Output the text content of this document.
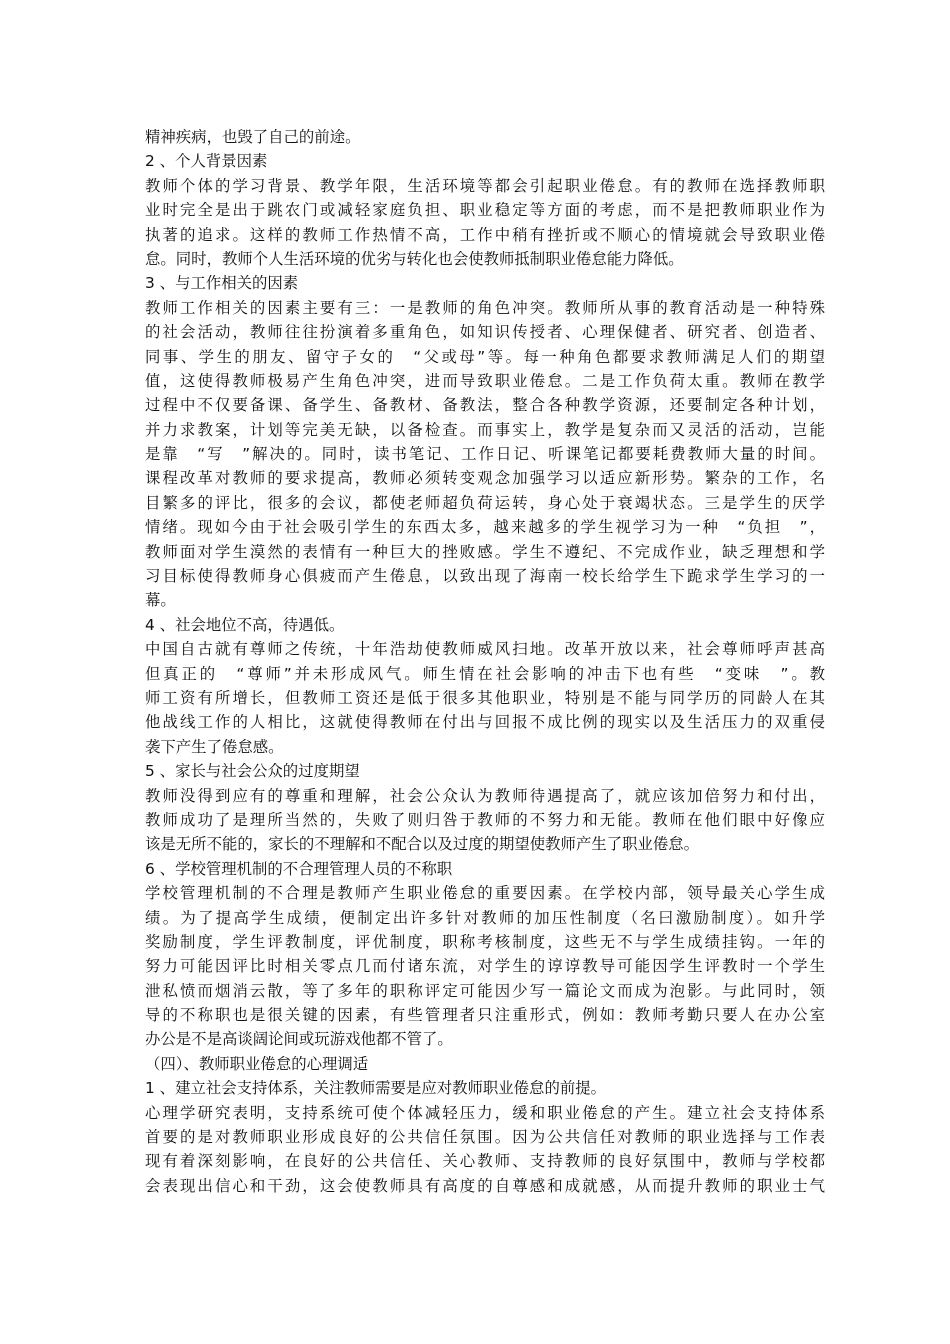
精神疾病，也毁了自己的前途。
2 、个人背景因素
教师个体的学习背景、教学年限，生活环境等都会引起职业倦怠。有的教师在选择教师职
业时完全是出于跳农门或减轻家庭负担、职业稳定等方面的考虑，而不是把教师职业作为
执著的追求。这样的教师工作热情不高，工作中稍有挫折或不顺心的情境就会导致职业倦
怠。同时，教师个人生活环境的优劣与转化也会使教师抵制职业倦怠能力降低。
3 、与工作相关的因素
教师工作相关的因素主要有三：一是教师的角色冲突。教师所从事的教育活动是一种特殊
的社会活动，教师往往扮演着多重角色，如知识传授者、心理保健者、研究者、创造者、
同事、学生的朋友、留守子女的　“父或母”等。每一种角色都要求教师满足人们的期望
值，这使得教师极易产生角色冲突，进而导致职业倦怠。二是工作负荷太重。教师在教学
过程中不仅要备课、备学生、备教材、备教法，整合各种教学资源，还要制定各种计划，
并力求教案，计划等完美无缺，以备检查。而事实上，教学是复杂而又灵活的活动，岂能
是靠　“写　”解决的。同时，读书笔记、工作日记、听课笔记都要耗费教师大量的时间。
课程改革对教师的要求提高，教师必须转变观念加强学习以适应新形势。繁杂的工作，名
目繁多的评比，很多的会议，都使老师超负荷运转，身心处于衰竭状态。三是学生的厌学
情绪。现如今由于社会吸引学生的东西太多，越来越多的学生视学习为一种　“负担　”，
教师面对学生漠然的表情有一种巨大的挫败感。学生不遵纪、不完成作业，缺乏理想和学
习目标使得教师身心俱疲而产生倦息，以致出现了海南一校长给学生下跪求学生学习的一
幕。
4 、社会地位不高，待遇低。
中国自古就有尊师之传统，十年浩劫使教师威风扫地。改革开放以来，社会尊师呼声甚高
但真正的　“尊师”并未形成风气。师生情在社会影响的冲击下也有些　“变味　”。教
师工资有所增长，但教师工资还是低于很多其他职业，特别是不能与同学历的同龄人在其
他战线工作的人相比，这就使得教师在付出与回报不成比例的现实以及生活压力的双重侵
袭下产生了倦怠感。
5 、家长与社会公众的过度期望
教师没得到应有的尊重和理解，社会公众认为教师待遇提高了，就应该加倍努力和付出，
教师成功了是理所当然的，失败了则归咎于教师的不努力和无能。教师在他们眼中好像应
该是无所不能的，家长的不理解和不配合以及过度的期望使教师产生了职业倦怠。
6 、学校管理机制的不合理管理人员的不称职
学校管理机制的不合理是教师产生职业倦怠的重要因素。在学校内部，领导最关心学生成
绩。为了提高学生成绩，便制定出许多针对教师的加压性制度（名曰激励制度）。如升学
奖励制度，学生评教制度，评优制度，职称考核制度，这些无不与学生成绩挂钩。一年的
努力可能因评比时相关零点几而付诸东流，对学生的谆谆教导可能因学生评教时一个学生
泄私愤而烟消云散，等了多年的职称评定可能因少写一篇论文而成为泡影。与此同时，领
导的不称职也是很关键的因素，有些管理者只注重形式，例如：教师考勤只要人在办公室
办公是不是高谈阔论间或玩游戏他都不管了。
（四）、教师职业倦怠的心理调适
1 、建立社会支持体系，关注教师需要是应对教师职业倦怠的前提。
心理学研究表明，支持系统可使个体减轻压力，缓和职业倦怠的产生。建立社会支持体系
首要的是对教师职业形成良好的公共信任氛围。因为公共信任对教师的职业选择与工作表
现有着深刻影响，在良好的公共信任、关心教师、支持教师的良好氛围中，教师与学校都
会表现出信心和干劲，这会使教师具有高度的自尊感和成就感，从而提升教师的职业士气
